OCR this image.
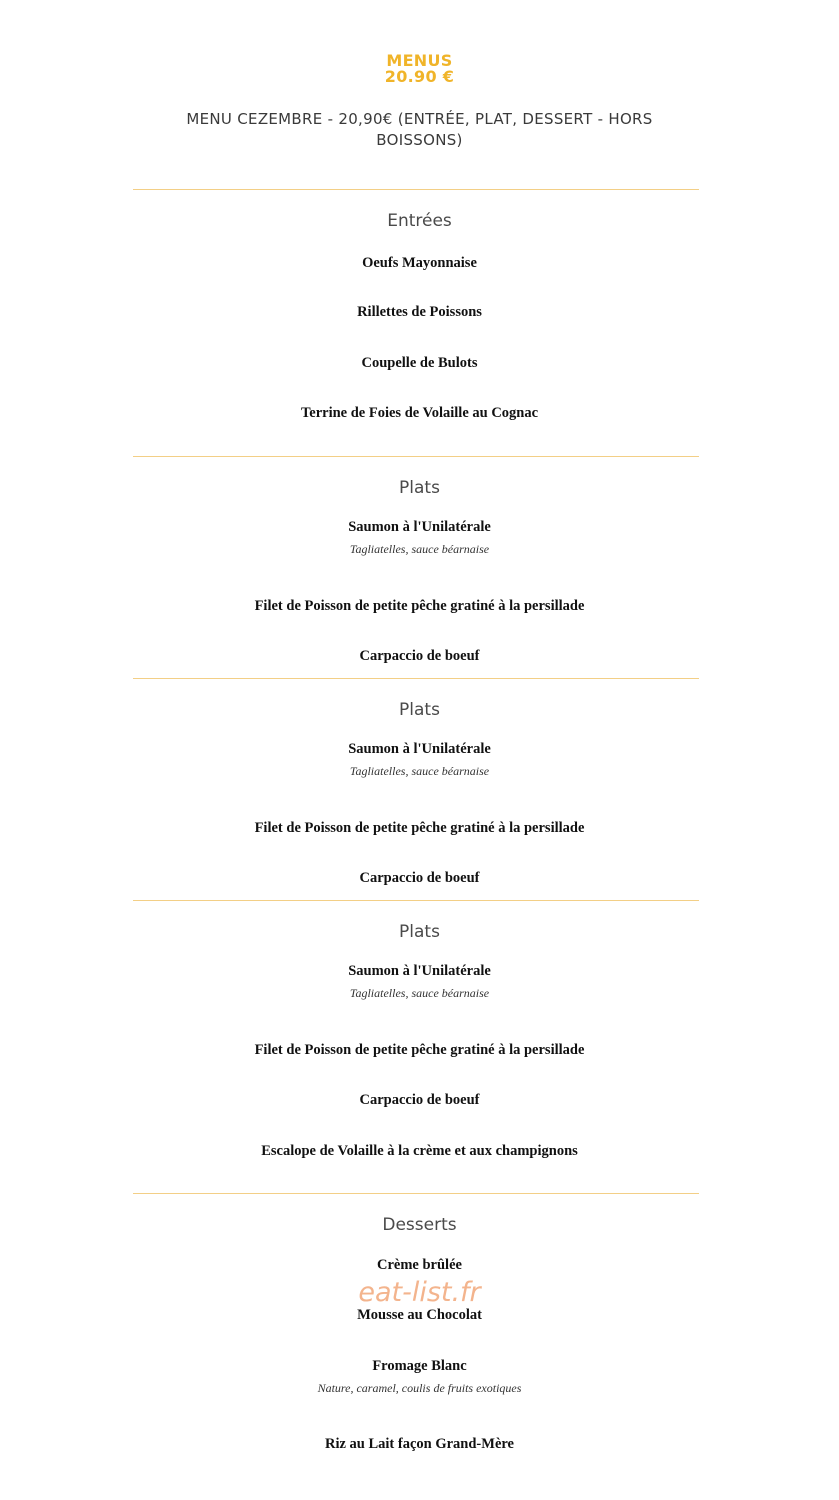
MENUS
20.90 €
MENU CEZEMBRE - 20,90€ (ENTRÉE, PLAT, DESSERT - HORS BOISSONS)
Entrées
Oeufs Mayonnaise
Rillettes de Poissons
Coupelle de Bulots
Terrine de Foies de Volaille au Cognac
Plats
Saumon à l'Unilatérale
Tagliatelles, sauce béarnaise
Filet de Poisson de petite pêche gratiné à la persillade
Carpaccio de boeuf
Plats
Saumon à l'Unilatérale
Tagliatelles, sauce béarnaise
Filet de Poisson de petite pêche gratiné à la persillade
Carpaccio de boeuf
Plats
Saumon à l'Unilatérale
Tagliatelles, sauce béarnaise
Filet de Poisson de petite pêche gratiné à la persillade
Carpaccio de boeuf
Escalope de Volaille à la crème et aux champignons
Desserts
Crème brûlée
Mousse au Chocolat
Fromage Blanc
Nature, caramel, coulis de fruits exotiques
Riz au Lait façon Grand-Mère
eat-list.fr
